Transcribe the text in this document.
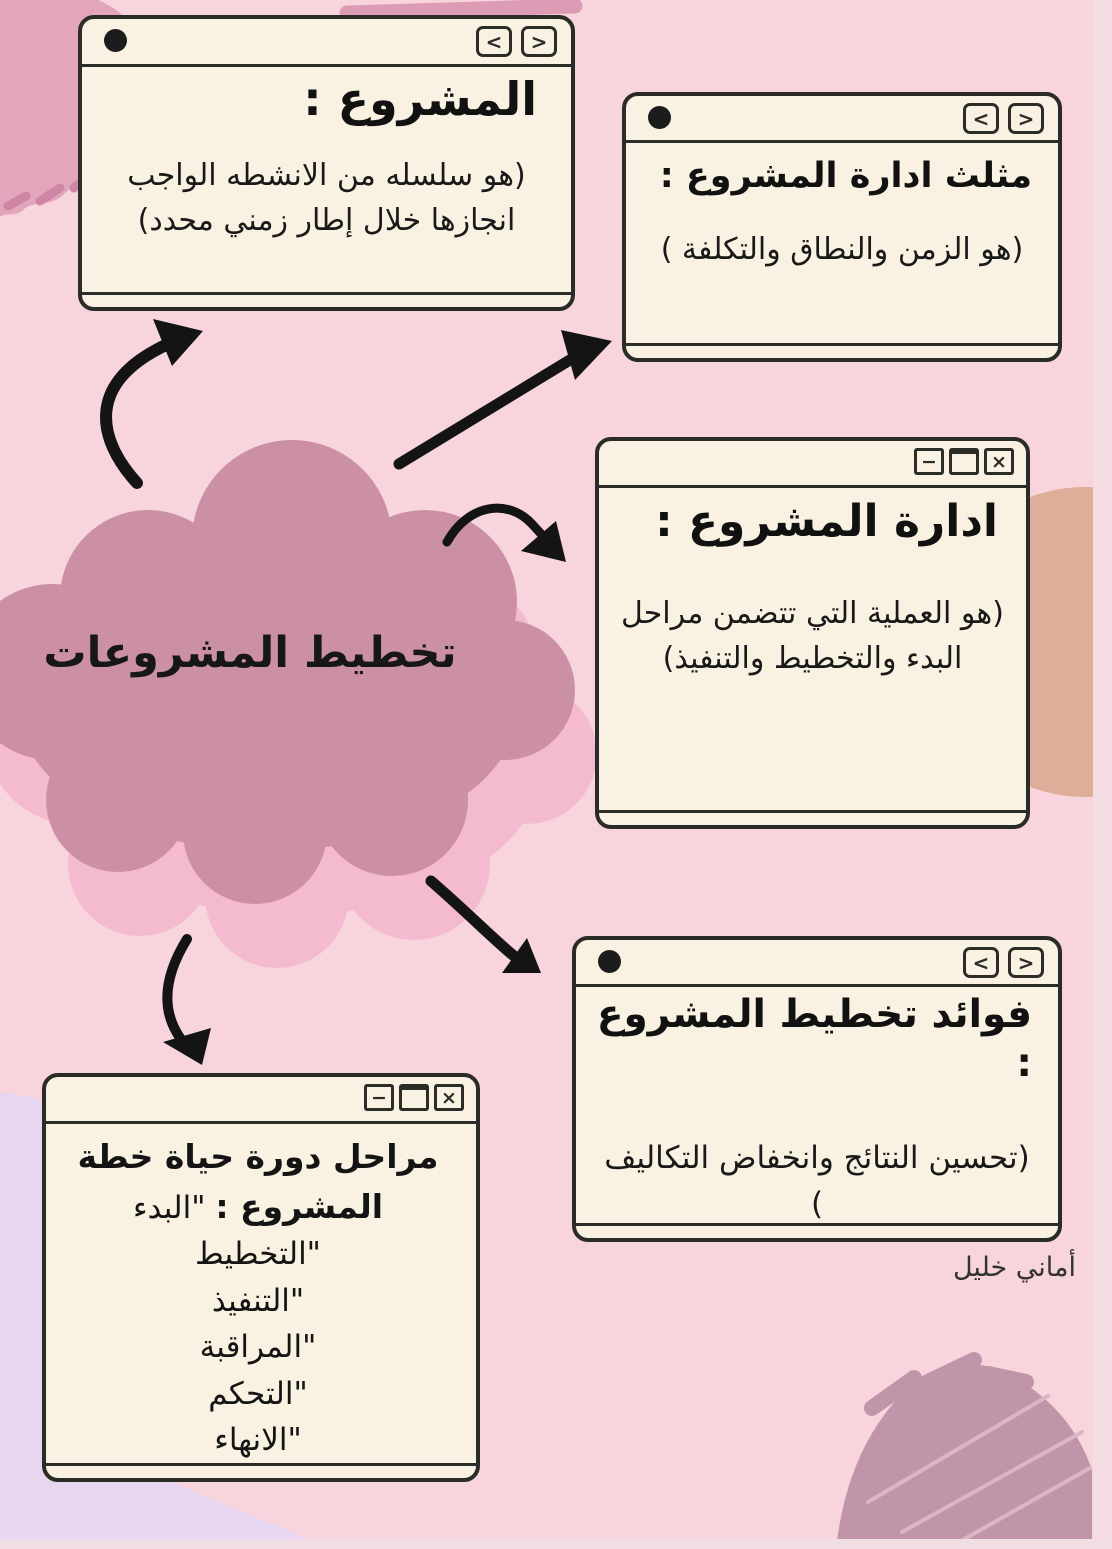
تخطيط المشروعات
<	>
المشروع :
(هو سلسله من الانشطه الواجب انجازها خلال إطار زمني محدد)
<	>
مثلث ادارة المشروع :
(هو الزمن والنطاق والتكلفة )
−	×
ادارة المشروع :
(هو العملية التي تتضمن مراحل البدء والتخطيط والتنفيذ)
<	>
فوائد تخطيط المشروع :
(تحسين النتائج وانخفاض التكاليف )
−	×
مراحل دورة حياة خطة
المشروع : "البدء
"التخطيط
"التنفيذ
"المراقبة
"التحكم
"الانهاء
أماني خليل
